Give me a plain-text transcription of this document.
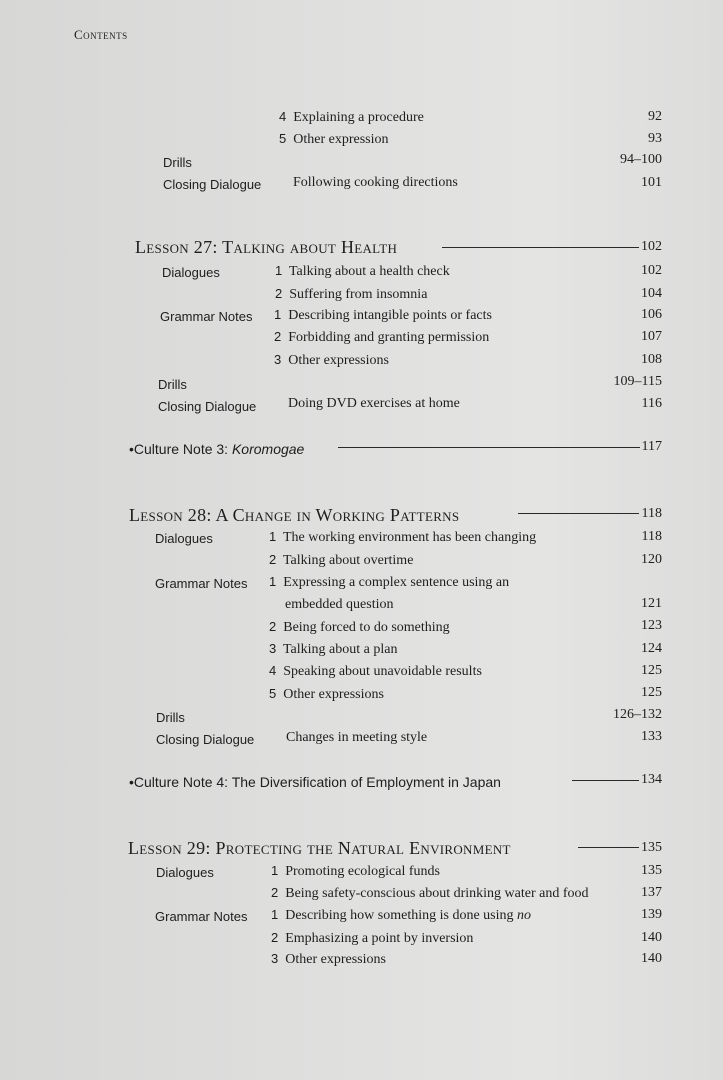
Contents
4 Explaining a procedure	92
5 Other expression	93
Drills	94–100
Closing Dialogue Following cooking directions	101
Lesson 27: Talking about Health	102
Dialogues	1 Talking about a health check	102
2 Suffering from insomnia	104
Grammar Notes 1 Describing intangible points or facts	106
2 Forbidding and granting permission	107
3 Other expressions	108
Drills	109–115
Closing Dialogue Doing DVD exercises at home	116
•Culture Note 3: Koromogae	117
Lesson 28: A Change in Working Patterns	118
Dialogues	1 The working environment has been changing	118
2 Talking about overtime	120
Grammar Notes 1 Expressing a complex sentence using an
embedded question	121
2 Being forced to do something	123
3 Talking about a plan	124
4 Speaking about unavoidable results	125
5 Other expressions	125
Drills	126–132
Closing Dialogue Changes in meeting style	133
•Culture Note 4: The Diversification of Employment in Japan	134
Lesson 29: Protecting the Natural Environment	135
Dialogues	1 Promoting ecological funds	135
2 Being safety-conscious about drinking water and food	137
Grammar Notes 1 Describing how something is done using no	139
2 Emphasizing a point by inversion	140
3 Other expressions	140
